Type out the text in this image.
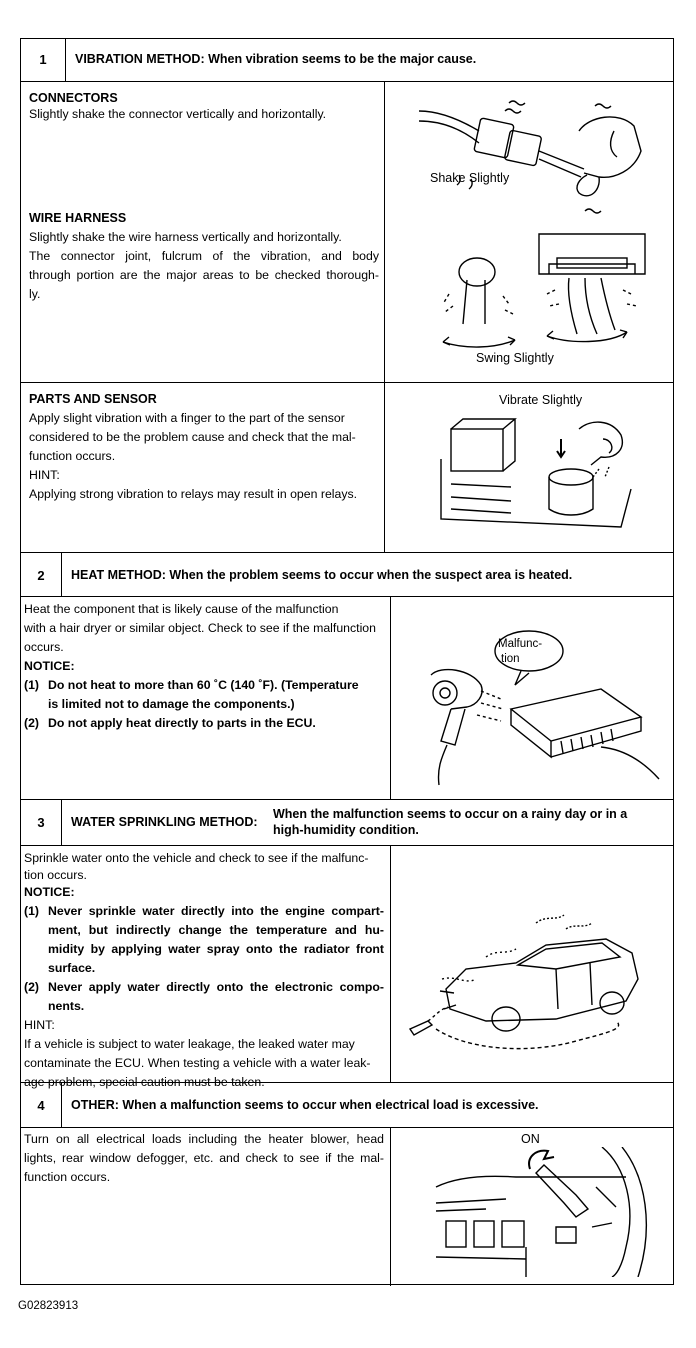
1	VIBRATION METHOD: When vibration seems to be the major cause.
CONNECTORS
Slightly shake the connector vertically and horizontally.
WIRE HARNESS
Slightly shake the wire harness vertically and horizontally.
The connector joint, fulcrum of the vibration, and body
through portion are the major areas to be checked thorough-
ly.
Shake Slightly
Swing Slightly
PARTS AND SENSOR
Apply slight vibration with a finger to the part of the sensor
considered to be the problem cause and check that the mal-
function occurs.
HINT:
Applying strong vibration to relays may result in open relays.
Vibrate Slightly
2	HEAT METHOD: When the problem seems to occur when the suspect area is heated.
Heat the component that is likely cause of the malfunction
with a hair dryer or similar object. Check to see if the malfunction
occurs.
NOTICE:
(1) Do not heat to more than 60 ˚C (140 ˚F). (Temperature
is limited not to damage the components.)
(2) Do not apply heat directly to parts in the ECU.
Malfunc-
tion
3	WATER SPRINKLING METHOD:
When the malfunction seems to occur on a rainy day or in a
high-humidity condition.
Sprinkle water onto the vehicle and check to see if the malfunc-
tion occurs.
NOTICE:
(1) Never sprinkle water directly into the engine compart-
ment, but indirectly change the temperature and hu-
midity by applying water spray onto the radiator front
surface.
(2) Never apply water directly onto the electronic compo-
nents.
HINT:
If a vehicle is subject to water leakage, the leaked water may
contaminate the ECU. When testing a vehicle with a water leak-
age problem, special caution must be taken.
4	OTHER: When a malfunction seems to occur when electrical load is excessive.
Turn on all electrical loads including the heater blower, head
lights, rear window defogger, etc. and check to see if the mal-
function occurs.
ON
G02823913
